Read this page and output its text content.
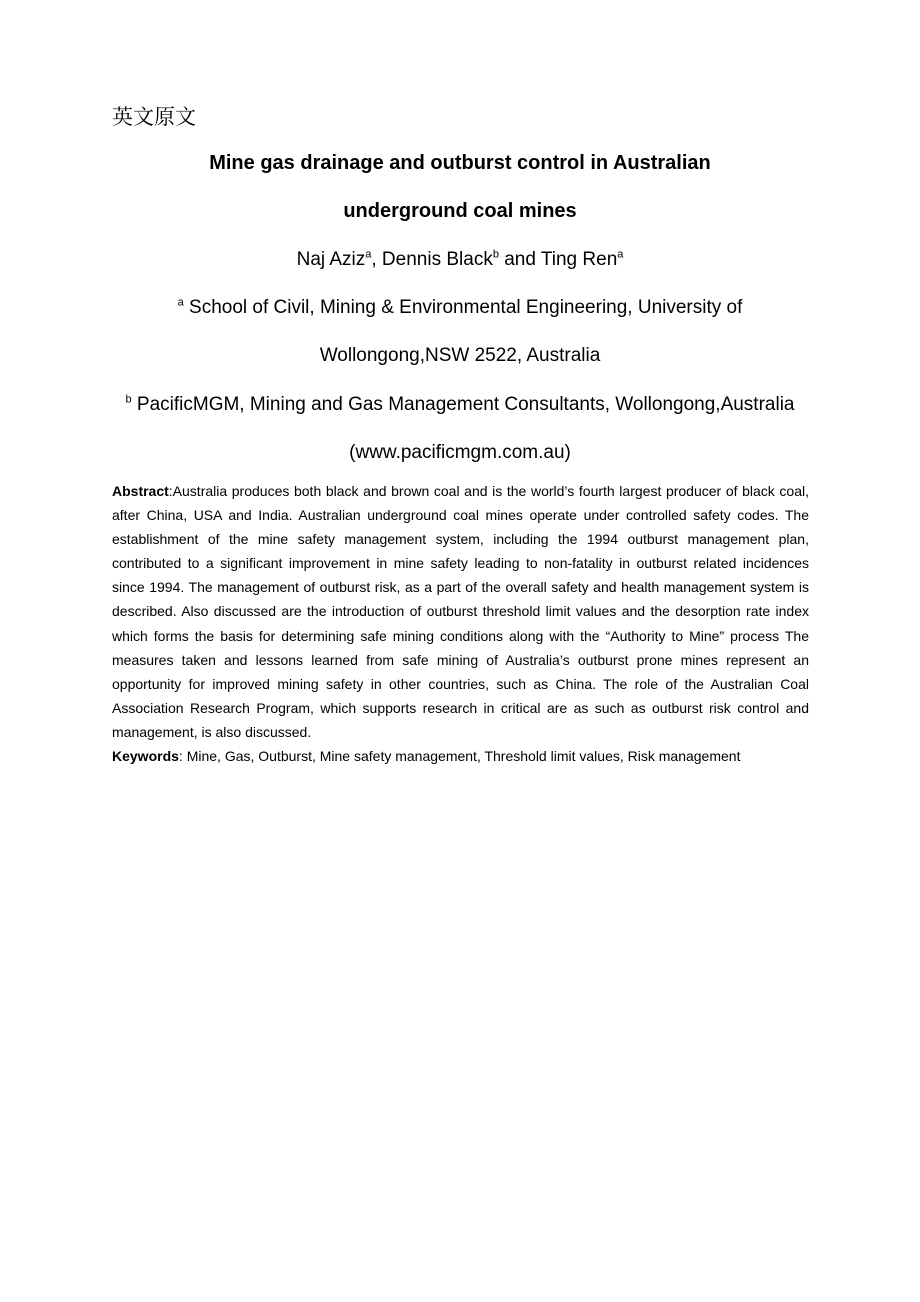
英文原文
Mine gas drainage and outburst control in Australian
underground coal mines
Naj Aziz$^a$, Dennis Black$^b$ and Ting Ren$^a$
$^a$ School of Civil, Mining & Environmental Engineering, University of
Wollongong,NSW 2522, Australia
$^b$ PacificMGM, Mining and Gas Management Consultants, Wollongong,Australia
(www.pacificmgm.com.au)
Abstract:Australia produces both black and brown coal and is the world’s fourth largest producer of black coal, after China, USA and India. Australian underground coal mines operate under controlled safety codes. The establishment of the mine safety management system, including the 1994 outburst management plan, contributed to a significant improvement in mine safety leading to non-fatality in outburst related incidences since 1994. The management of outburst risk, as a part of the overall safety and health management system is described. Also discussed are the introduction of outburst threshold limit values and the desorption rate index which forms the basis for determining safe mining conditions along with the “Authority to Mine” process The measures taken and lessons learned from safe mining of Australia’s outburst prone mines represent an opportunity for improved mining safety in other countries, such as China. The role of the Australian Coal Association Research Program, which supports research in critical are as such as outburst risk control and management, is also discussed.
Keywords: Mine, Gas, Outburst, Mine safety management, Threshold limit values, Risk management
